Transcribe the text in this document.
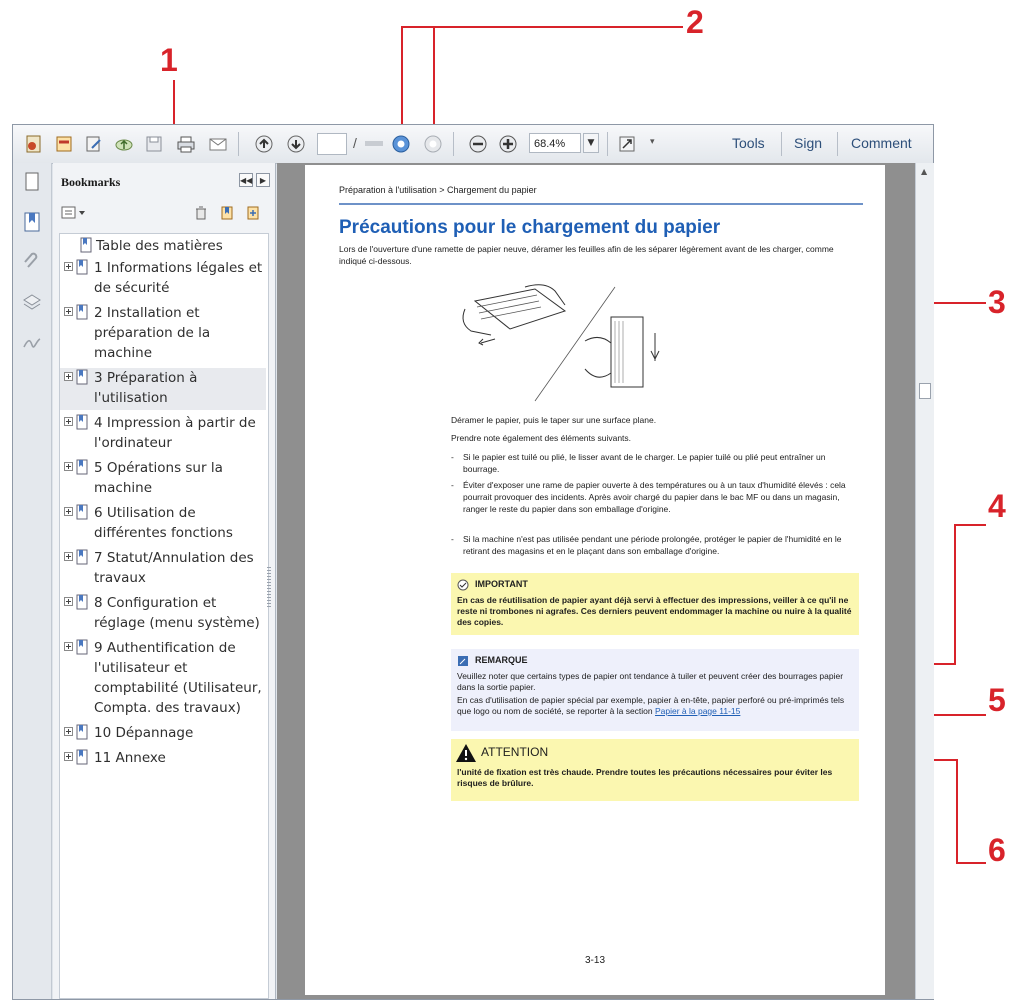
1
2
3
4
5
6
/	68.4%	▼	▾	Tools Sign Comment
Bookmarks	◀◀ ▶
Table des matières
1 Informations légales et de sécurité
2 Installation et préparation de la machine
3 Préparation à l'utilisation
4 Impression à partir de l'ordinateur
5 Opérations sur la machine
6 Utilisation de différentes fonctions
7 Statut/Annulation des travaux
8 Configuration et réglage (menu système)
9 Authentification de l'utilisateur et comptabilité (Utilisateur, Compta. des travaux)
10 Dépannage
11 Annexe
Préparation à l'utilisation > Chargement du papier
Précautions pour le chargement du papier
Lors de l'ouverture d'une ramette de papier neuve, déramer les feuilles afin de les séparer légèrement avant de les charger, comme indiqué ci-dessous.
Déramer le papier, puis le taper sur une surface plane.
Prendre note également des éléments suivants.
- Si le papier est tuilé ou plié, le lisser avant de le charger. Le papier tuilé ou plié peut entraîner un bourrage.
- Éviter d'exposer une rame de papier ouverte à des températures ou à un taux d'humidité élevés : cela pourrait provoquer des incidents. Après avoir chargé du papier dans le bac MF ou dans un magasin, ranger le reste du papier dans son emballage d'origine.
- Si la machine n'est pas utilisée pendant une période prolongée, protéger le papier de l'humidité en le retirant des magasins et en le plaçant dans son emballage d'origine.
IMPORTANT
En cas de réutilisation de papier ayant déjà servi à effectuer des impressions, veiller à ce qu'il ne reste ni trombones ni agrafes. Ces derniers peuvent endommager la machine ou nuire à la qualité des copies.
REMARQUE
Veuillez noter que certains types de papier ont tendance à tuiler et peuvent créer des bourrages papier dans la sortie papier.
En cas d'utilisation de papier spécial par exemple, papier à en-tête, papier perforé ou pré-imprimés tels que logo ou nom de société, se reporter à la section Papier à la page 11-15
ATTENTION
l'unité de fixation est très chaude. Prendre toutes les précautions nécessaires pour éviter les risques de brûlure.
3-13
▲
